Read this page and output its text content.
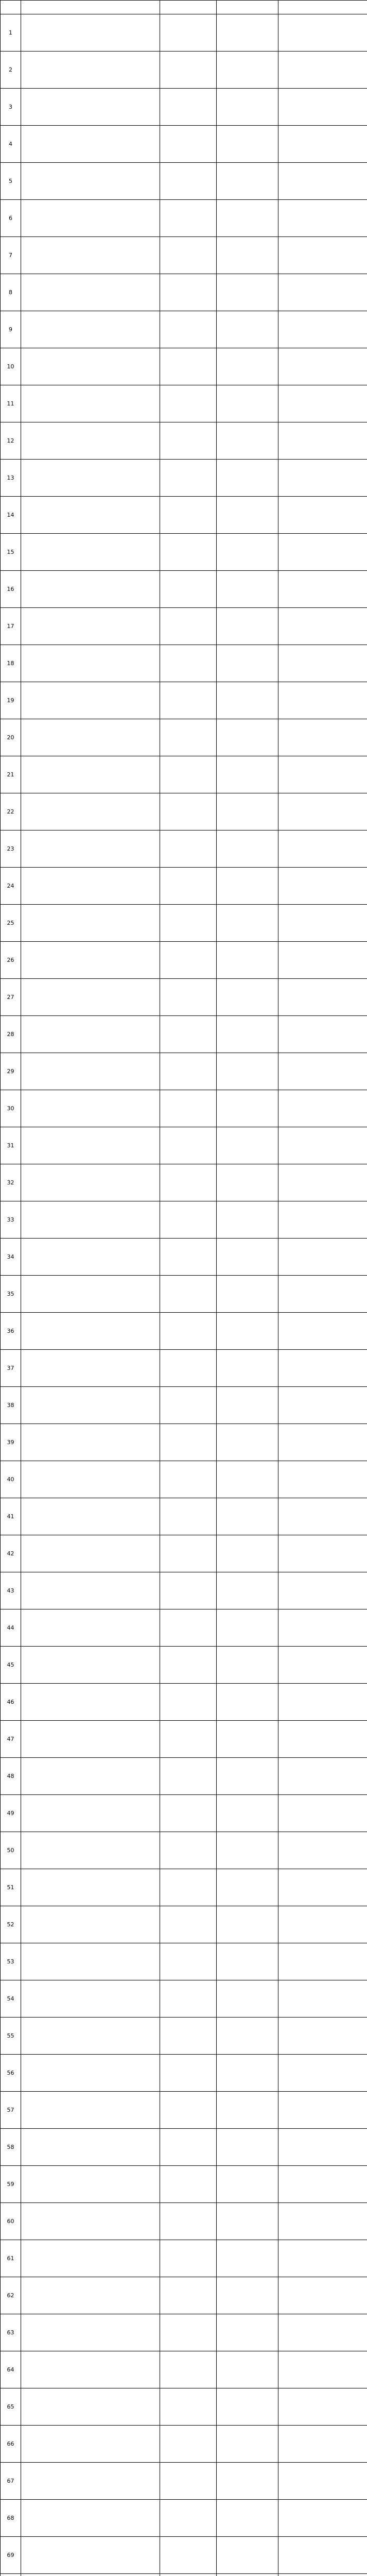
1				
2				
3				
4				
5				
6				
7				
8				
9				
10				
11				
12				
13				
14				
15				
16				
17				
18				
19				
20				
21				
22				
23				
24				
25				
26				
27				
28				
29				
30				
31				
32				
33				
34				
35				
36				
37				
38				
39				
40				
41				
42				
43				
44				
45				
46				
47				
48				
49				
50				
51				
52				
53				
54				
55				
56				
57				
58				
59				
60				
61				
62				
63				
64				
65				
66				
67				
68				
69				
